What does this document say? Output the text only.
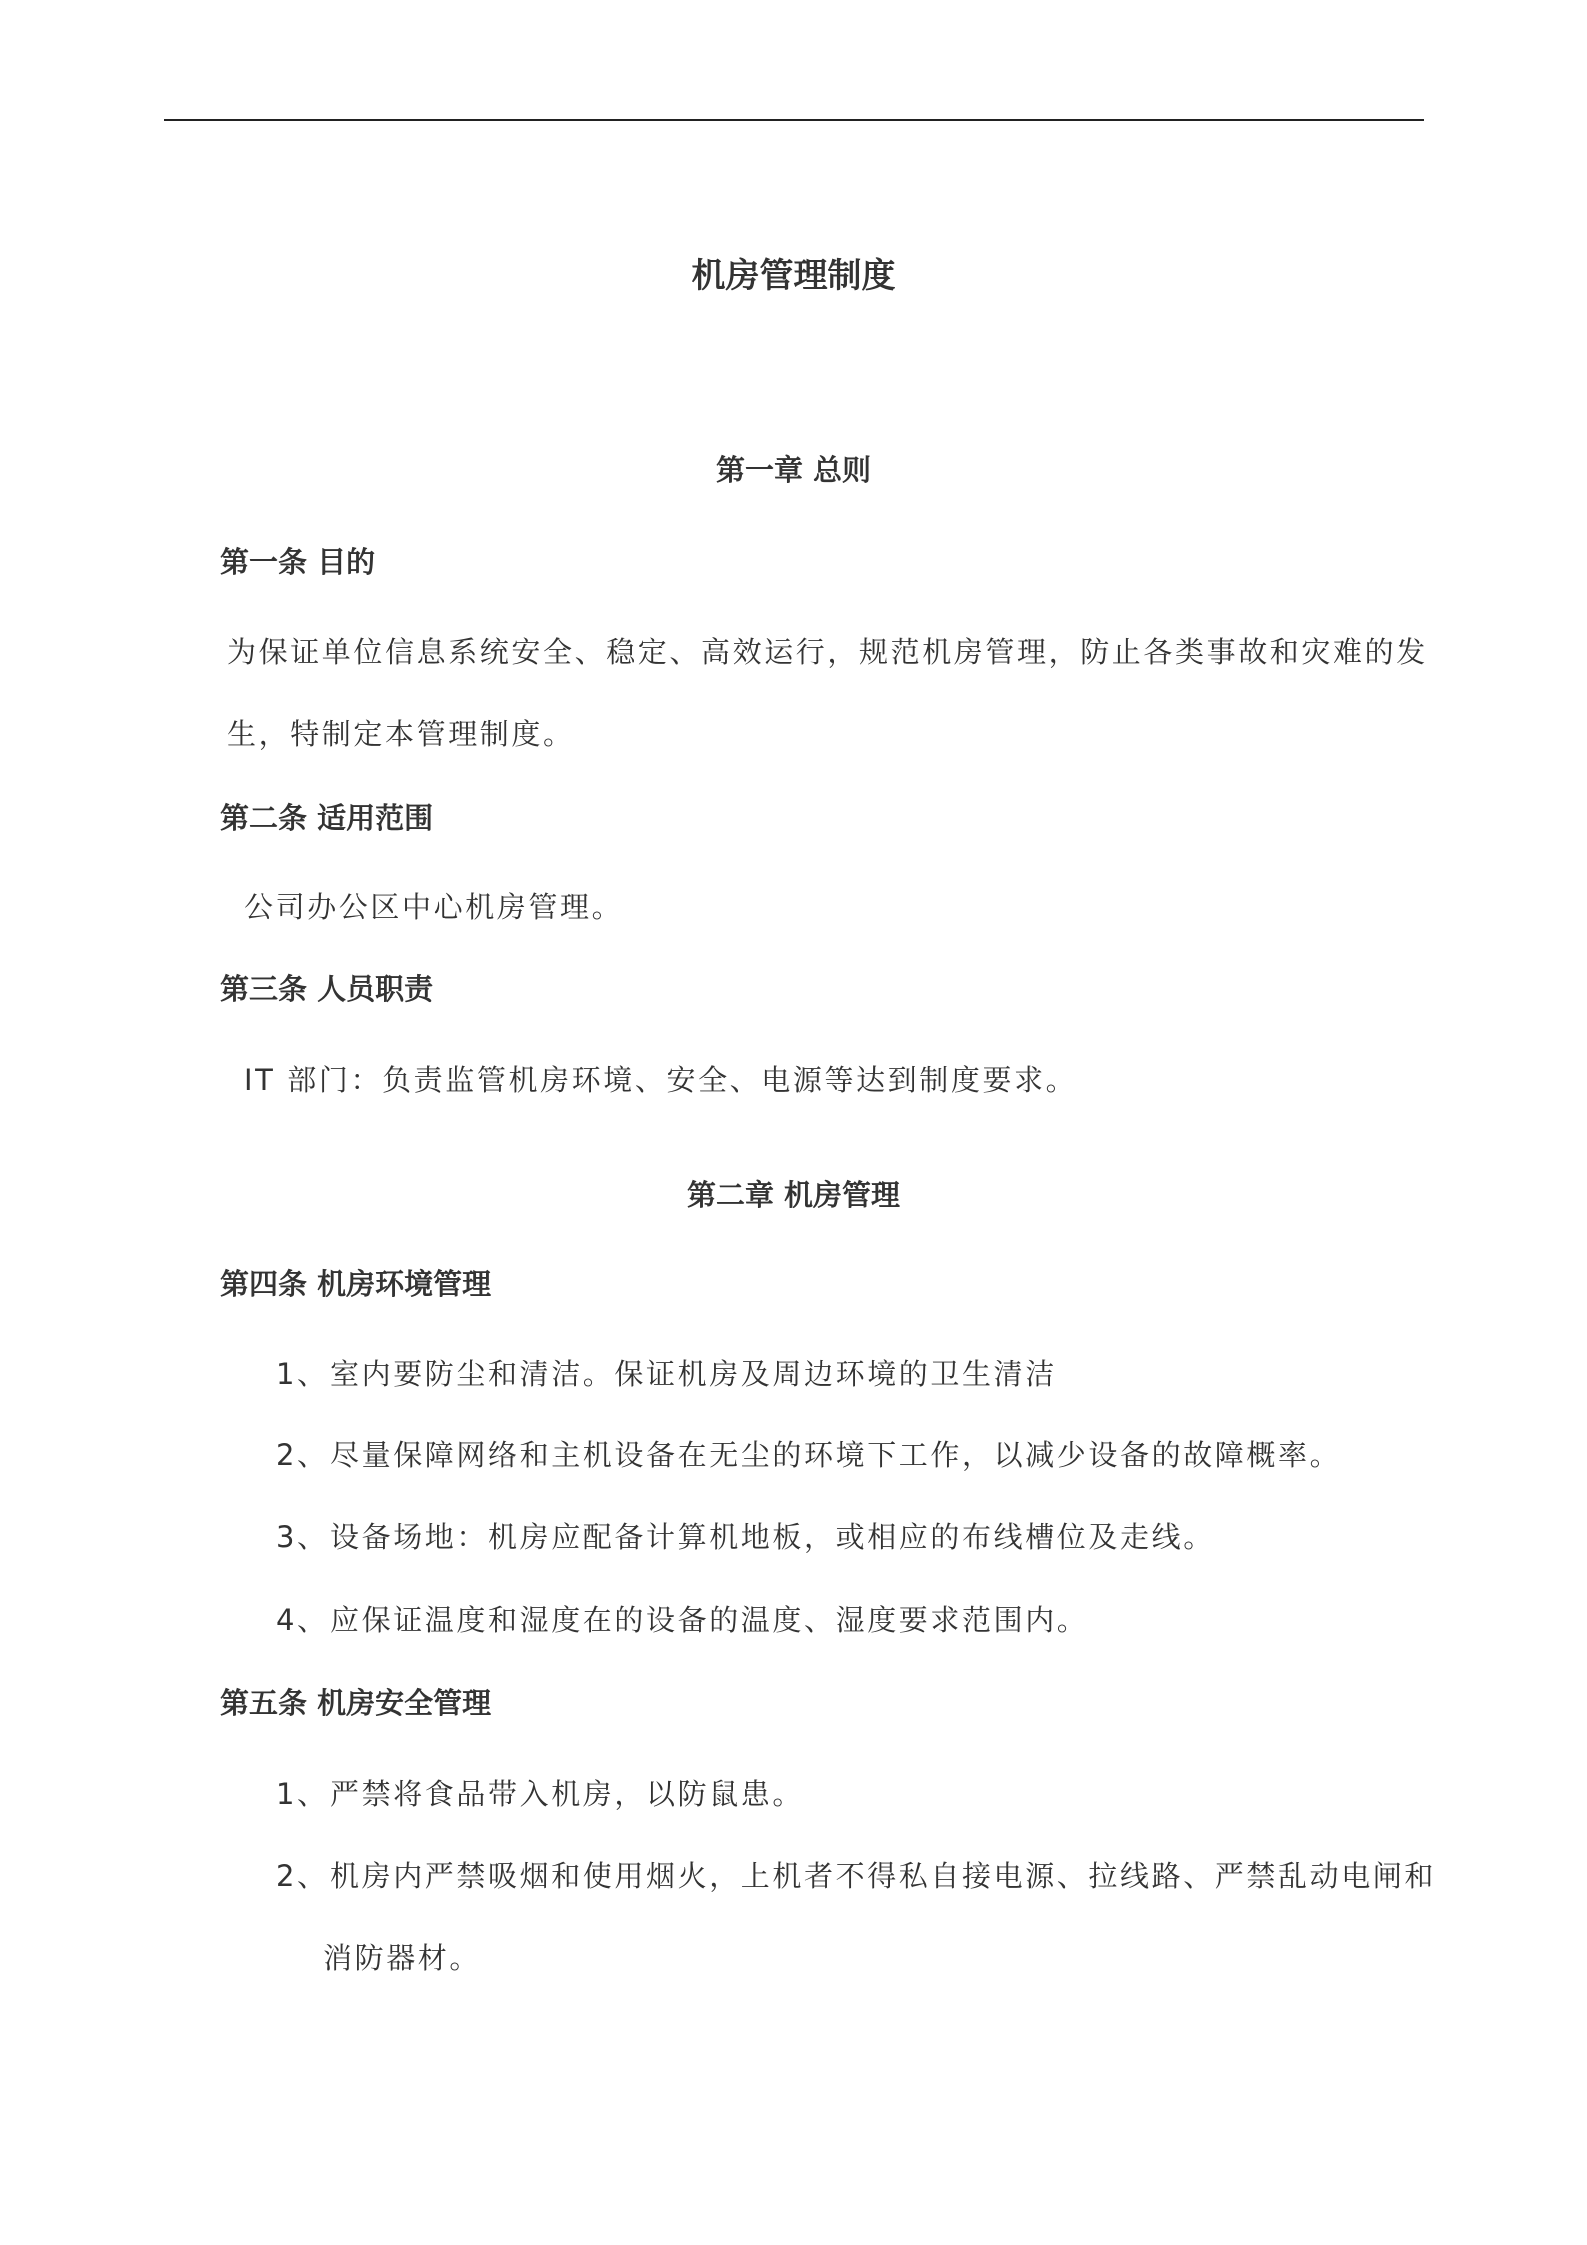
机房管理制度
第一章 总则
第一条 目的
为保证单位信息系统安全、稳定、高效运行，规范机房管理，防止各类事故和灾难的发
生，特制定本管理制度。
第二条 适用范围
公司办公区中心机房管理。
第三条 人员职责
IT 部门：负责监管机房环境、安全、电源等达到制度要求。
第二章 机房管理
第四条 机房环境管理
1、 室内要防尘和清洁。保证机房及周边环境的卫生清洁
2、 尽量保障网络和主机设备在无尘的环境下工作，以减少设备的故障概率。
3、 设备场地：机房应配备计算机地板，或相应的布线槽位及走线。
4、 应保证温度和湿度在的设备的温度、湿度要求范围内。
第五条 机房安全管理
1、 严禁将食品带入机房，以防鼠患。
2、 机房内严禁吸烟和使用烟火，上机者不得私自接电源、拉线路、严禁乱动电闸和
消防器材。
